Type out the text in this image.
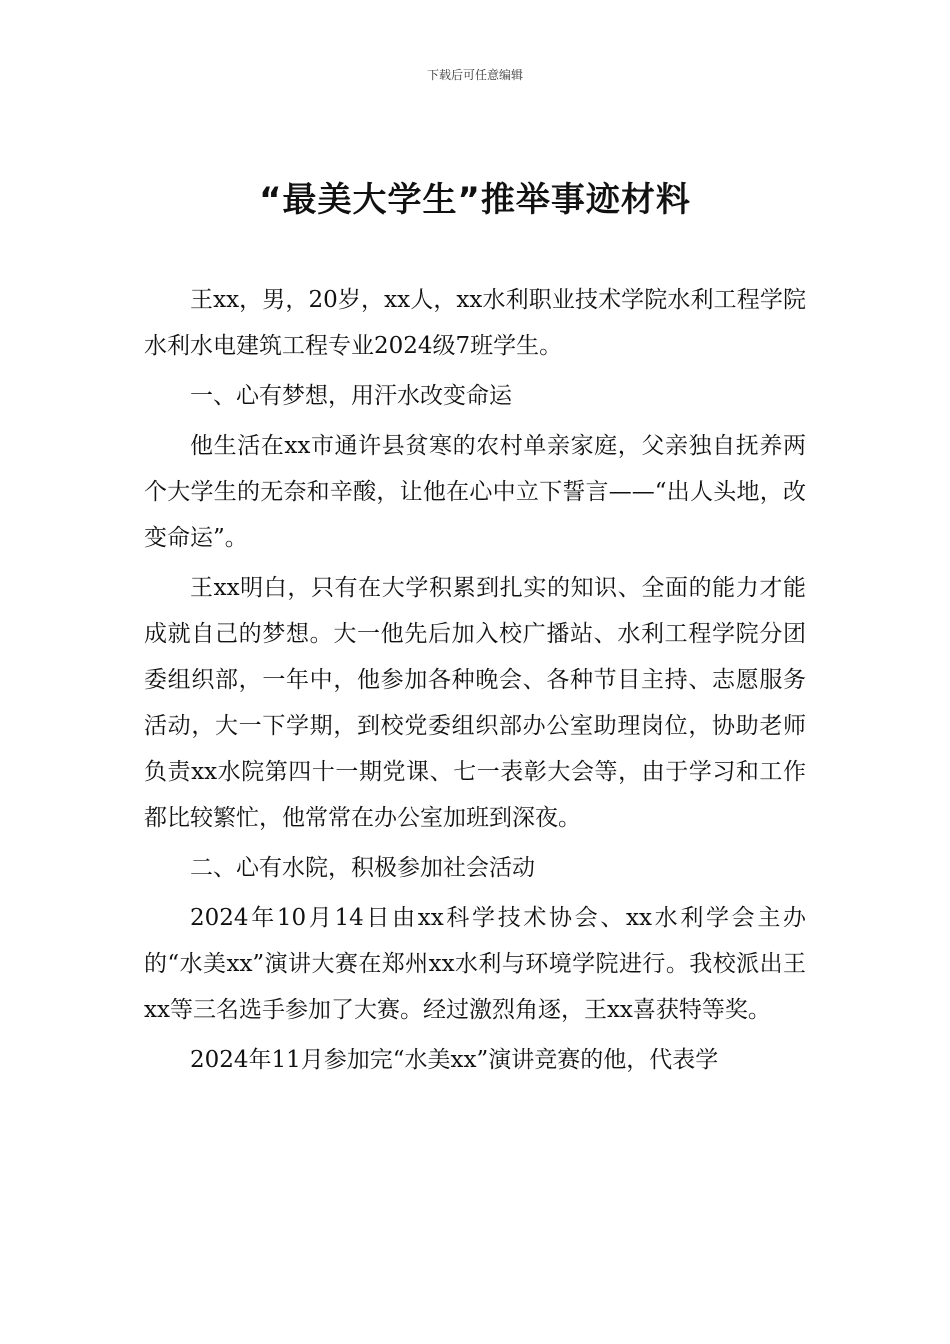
下载后可任意编辑
“最美大学生”推举事迹材料

王xx，男，20岁，xx人，xx水利职业技术学院水利工程学院水利水电建筑工程专业2024级7班学生。

一、心有梦想，用汗水改变命运

他生活在xx市通许县贫寒的农村单亲家庭，父亲独自抚养两个大学生的无奈和辛酸，让他在心中立下誓言——“出人头地，改变命运”。

王xx明白，只有在大学积累到扎实的知识、全面的能力才能成就自己的梦想。大一他先后加入校广播站、水利工程学院分团委组织部，一年中，他参加各种晚会、各种节目主持、志愿服务活动，大一下学期，到校党委组织部办公室助理岗位，协助老师负责xx水院第四十一期党课、七一表彰大会等，由于学习和工作都比较繁忙，他常常在办公室加班到深夜。

二、心有水院，积极参加社会活动

2024年10月14日由xx科学技术协会、xx水利学会主办的“水美xx”演讲大赛在郑州xx水利与环境学院进行。我校派出王xx等三名选手参加了大赛。经过激烈角逐，王xx喜获特等奖。

2024年11月参加完“水美xx”演讲竞赛的他，代表学
